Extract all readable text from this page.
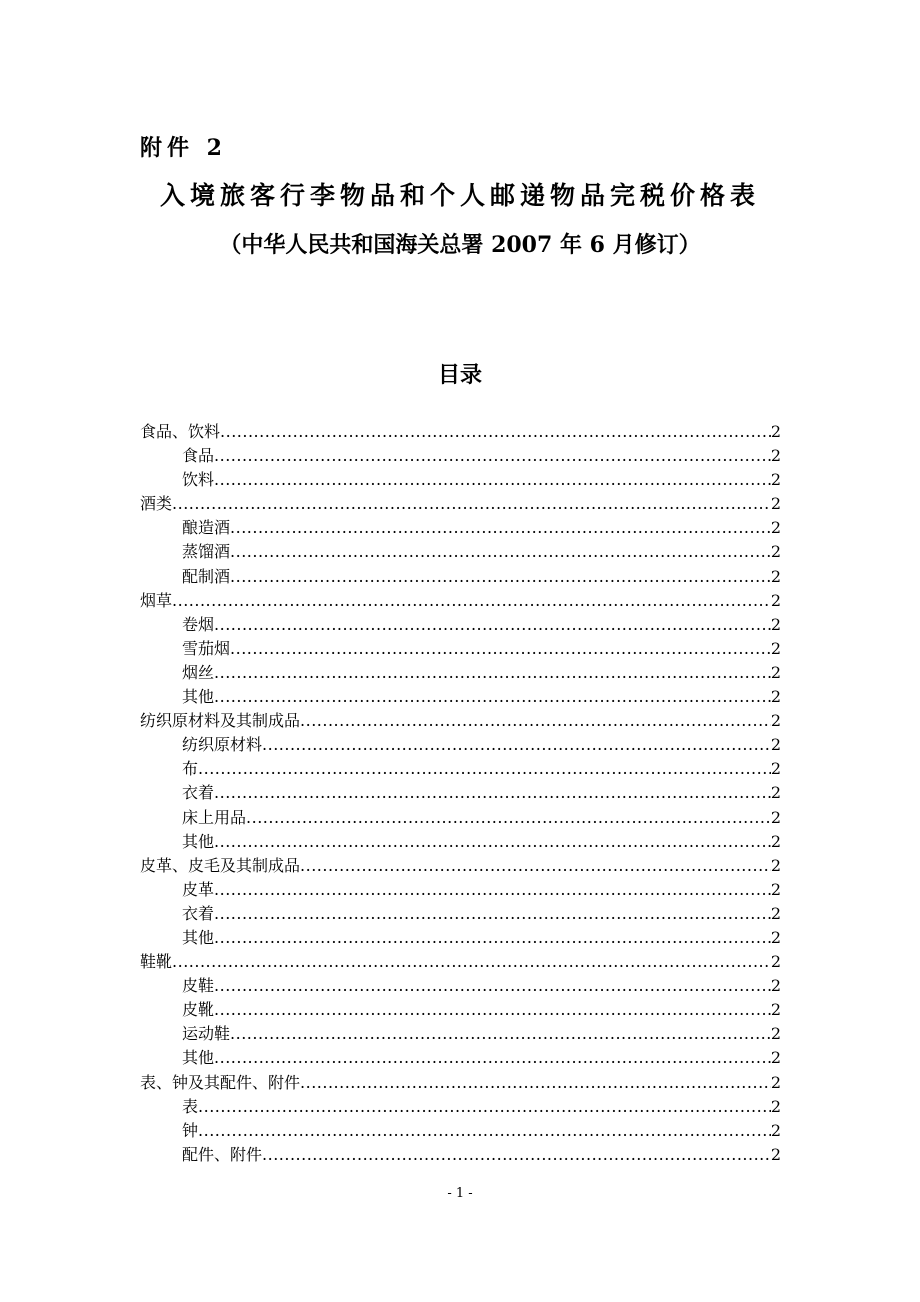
附件 2
入境旅客行李物品和个人邮递物品完税价格表
（中华人民共和国海关总署 2007 年 6 月修订）
目录
食品、饮料 .....	2
食品 .....	2
饮料 .....	2
酒类 .....	2
酿造酒 .....	2
蒸馏酒 .....	2
配制酒 .....	2
烟草 .....	2
卷烟 .....	2
雪茄烟 .....	2
烟丝 .....	2
其他 .....	2
纺织原材料及其制成品 .....	2
纺织原材料 .....	2
布 .....	2
衣着 .....	2
床上用品 .....	2
其他 .....	2
皮革、皮毛及其制成品 .....	2
皮革 .....	2
衣着 .....	2
其他 .....	2
鞋靴 .....	2
皮鞋 .....	2
皮靴 .....	2
运动鞋 .....	2
其他 .....	2
表、钟及其配件、附件 .....	2
表 .....	2
钟 .....	2
配件、附件 .....	2
- 1 -
